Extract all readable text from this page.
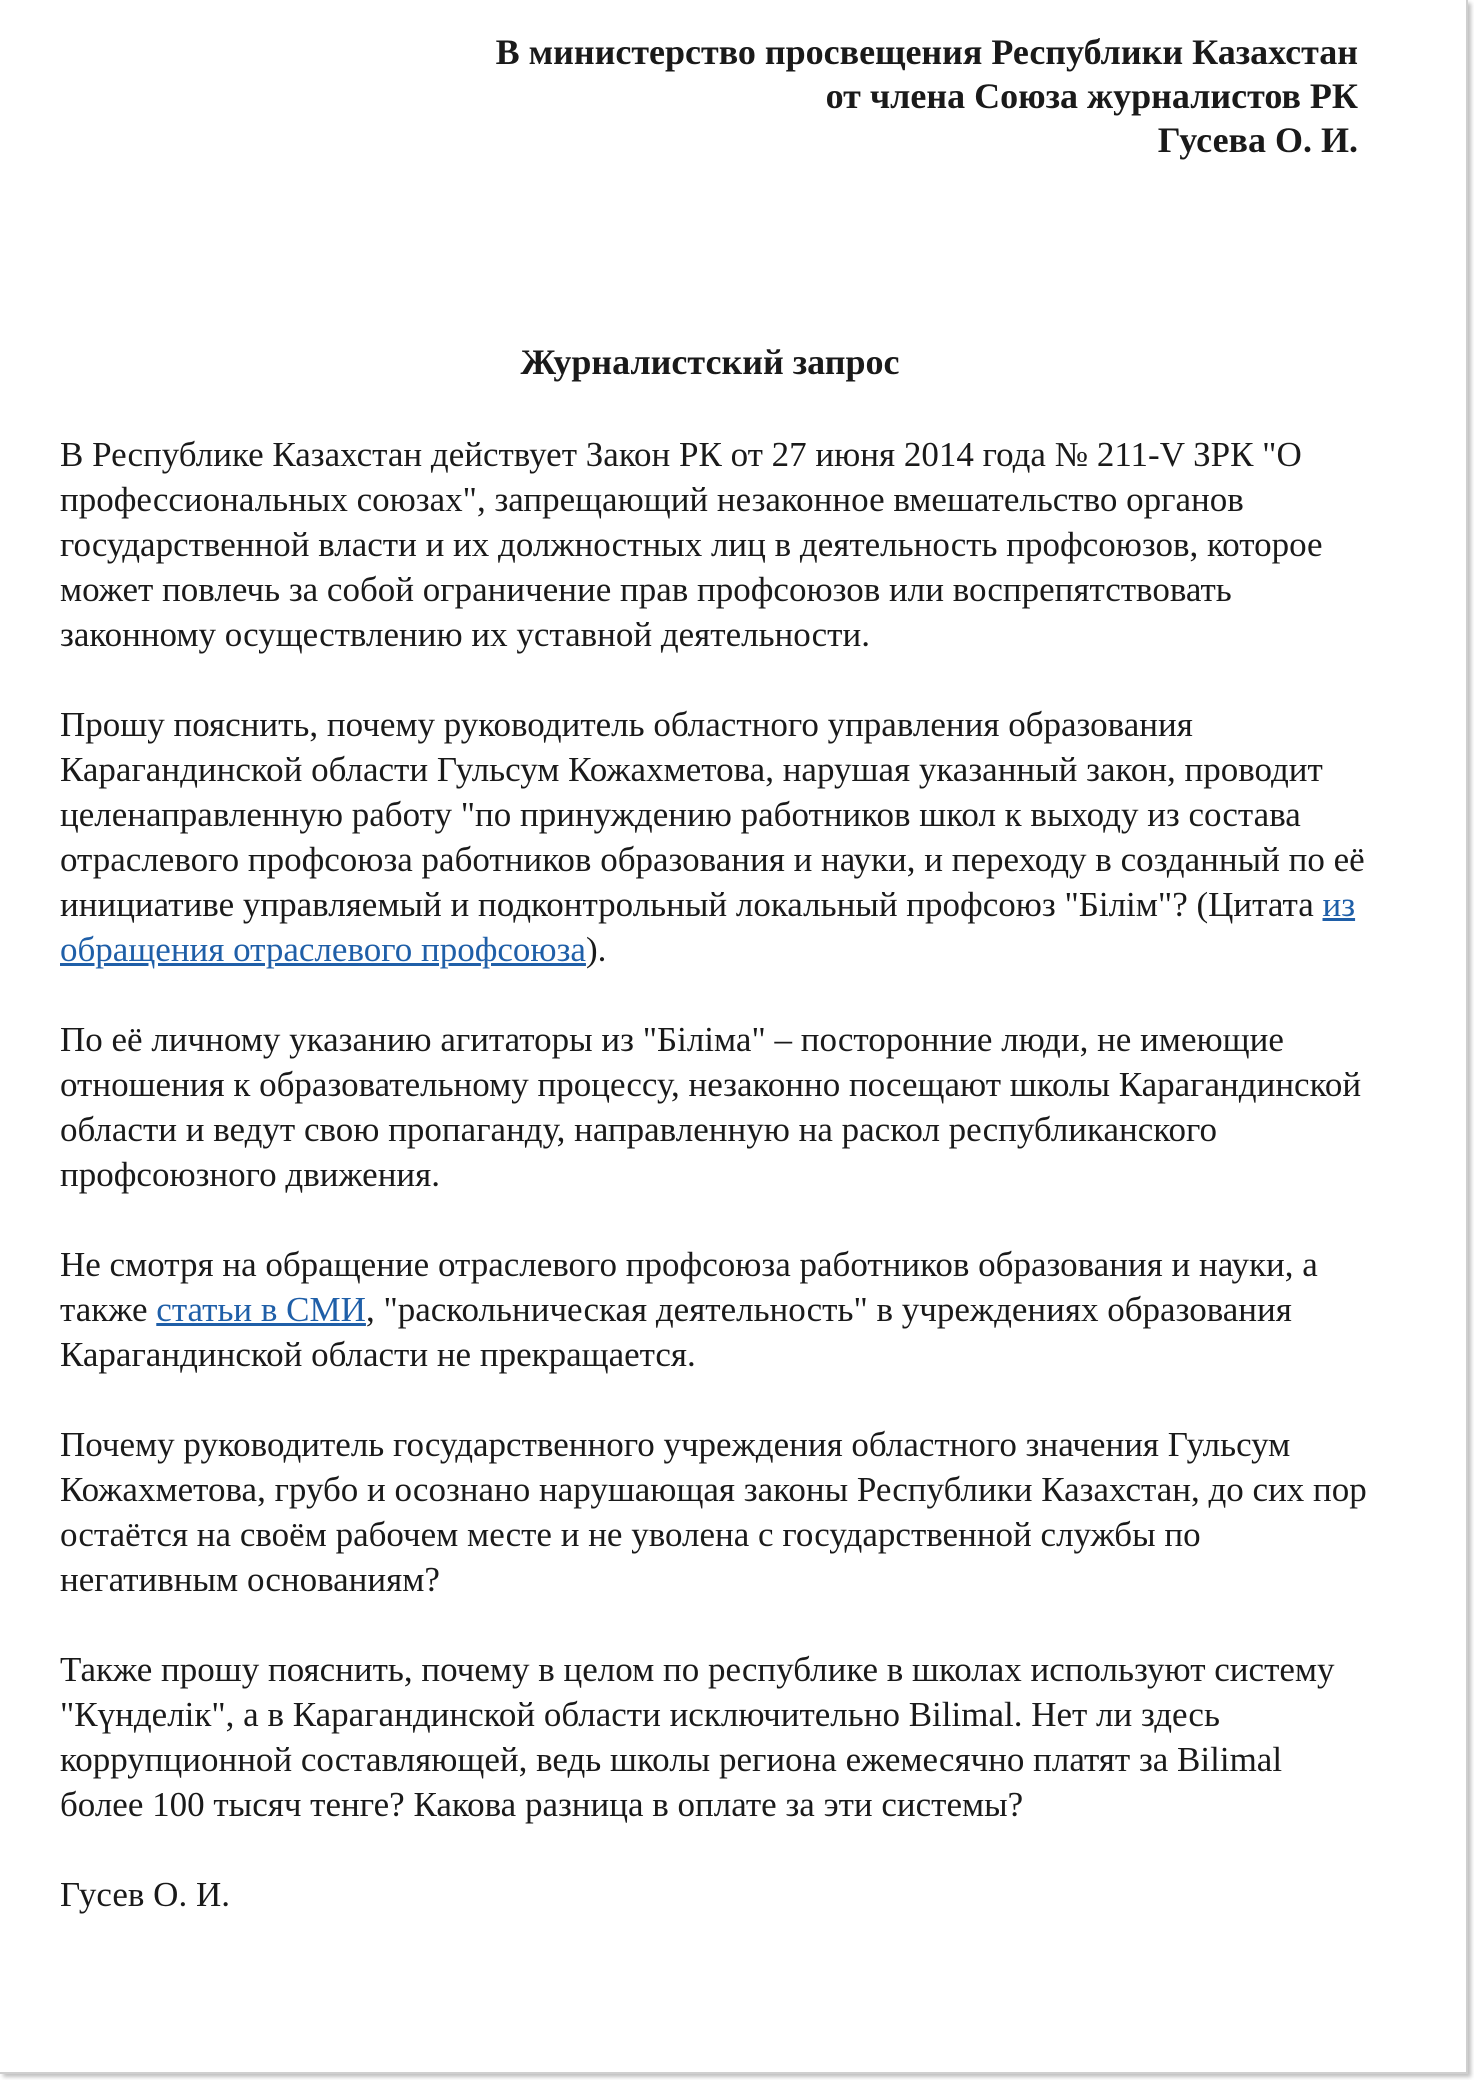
В министерство просвещения Республики Казахстан
от члена Союза журналистов РК
Гусева О. И.
Журналистский запрос

В Республике Казахстан действует Закон РК от 27 июня 2014 года № 211-V ЗРК "О профессиональных союзах", запрещающий незаконное вмешательство органов государственной власти и их должностных лиц в деятельность профсоюзов, которое может повлечь за собой ограничение прав профсоюзов или воспрепятствовать законному осуществлению их уставной деятельности.

Прошу пояснить, почему руководитель областного управления образования Карагандинской области Гульсум Кожахметова, нарушая указанный закон, проводит целенаправленную работу "по принуждению работников школ к выходу из состава отраслевого профсоюза работников образования и науки, и переходу в созданный по её инициативе управляемый и подконтрольный локальный профсоюз "Білім"? (Цитата из обращения отраслевого профсоюза).

По её личному указанию агитаторы из "Біліма" – посторонние люди, не имеющие отношения к образовательному процессу, незаконно посещают школы Карагандинской области и ведут свою пропаганду, направленную на раскол республиканского профсоюзного движения.

Не смотря на обращение отраслевого профсоюза работников образования и науки, а также статьи в СМИ, "раскольническая деятельность" в учреждениях образования Карагандинской области не прекращается.

Почему руководитель государственного учреждения областного значения Гульсум Кожахметова, грубо и осознано нарушающая законы Республики Казахстан, до сих пор остаётся на своём рабочем месте и не уволена с государственной службы по негативным основаниям?

Также прошу пояснить, почему в целом по республике в школах используют систему "Күнделік", а в Карагандинской области исключительно Bilimal. Нет ли здесь коррупционной составляющей, ведь школы региона ежемесячно платят за Bilimal более 100 тысяч тенге? Какова разница в оплате за эти системы?

Гусев О. И.
